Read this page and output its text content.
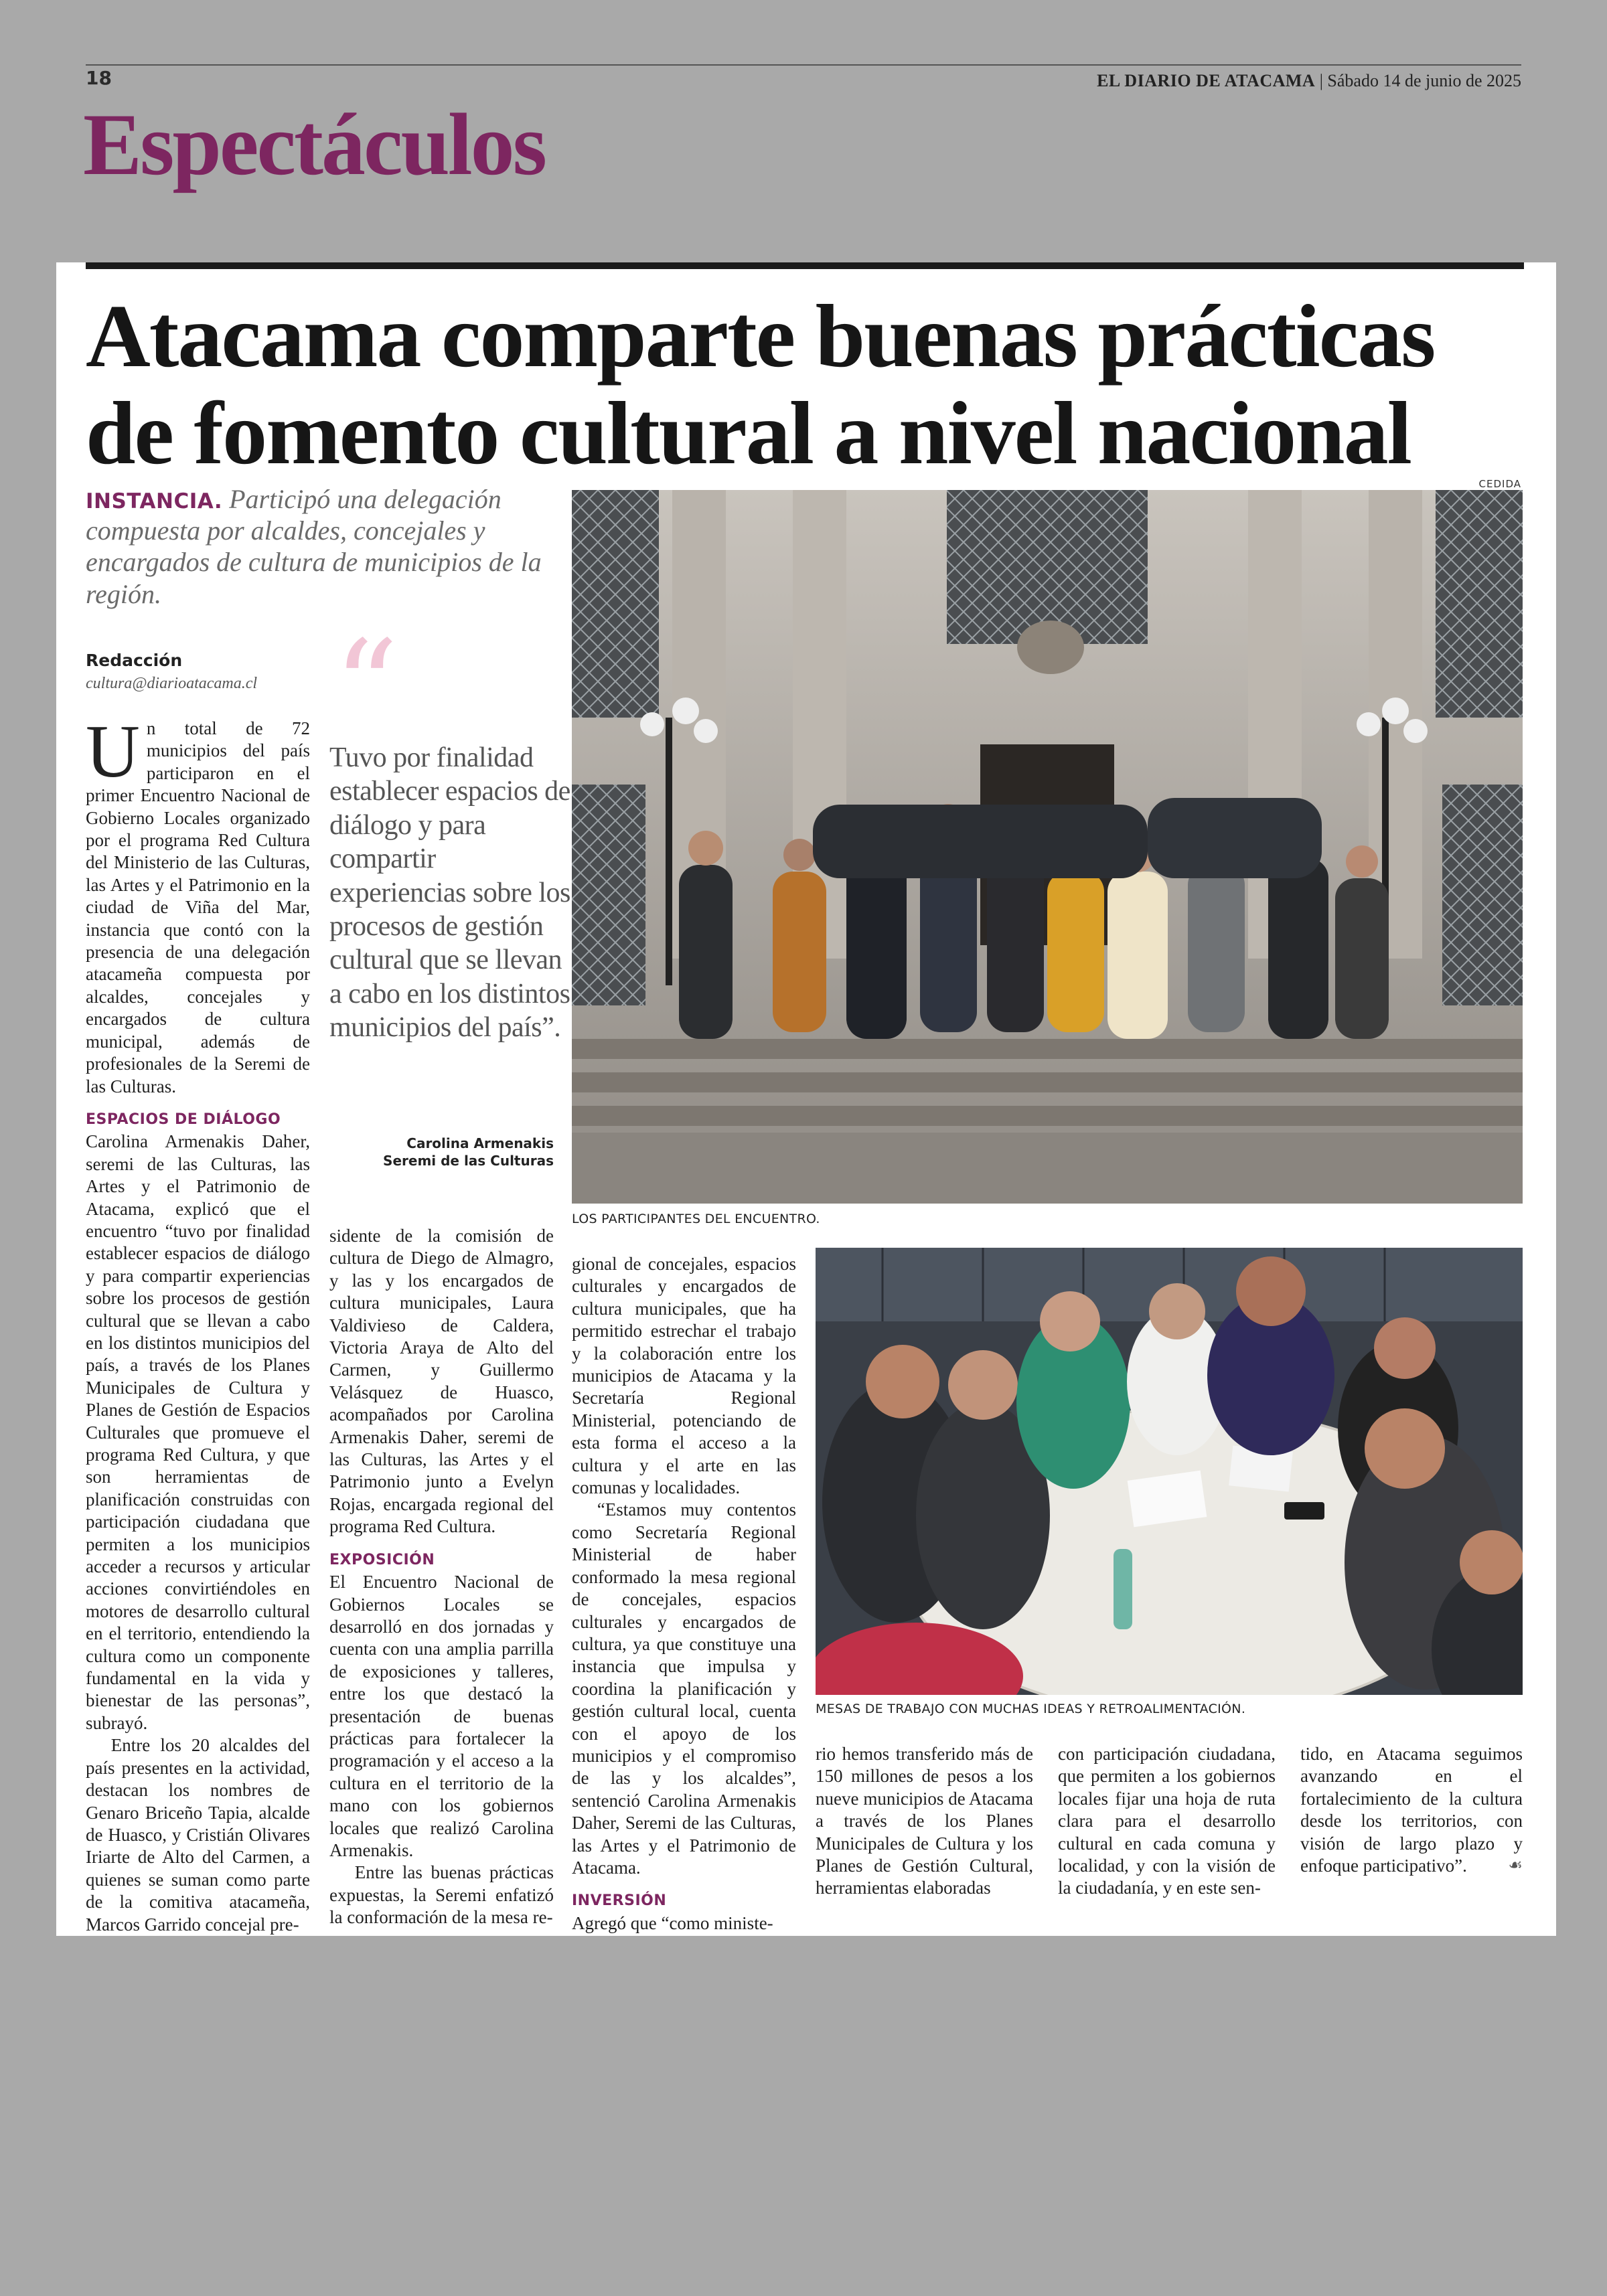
18	EL DIARIO DE ATACAMA | Sábado 14 de junio de 2025
Espectáculos
Atacama comparte buenas prácticas
de fomento cultural a nivel nacional
INSTANCIA. Participó una delegación compuesta por alcaldes, concejales y encargados de cultura de municipios de la región.
Redacción
cultura@diarioatacama.cl “
Tuvo por finalidad establecer espacios de diálogo y para compartir experiencias sobre los procesos de gestión cultural que se llevan a cabo en los distintos municipios del país”.
Carolina Armenakis
Seremi de las Culturas

Un total de 72 municipios del país participaron en el primer Encuentro Nacional de Gobierno Locales organizado por el programa Red Cultura del Ministerio de las Culturas, las Artes y el Patrimonio en la ciudad de Viña del Mar, instancia que contó con la presencia de una delegación atacameña compuesta por alcaldes, concejales y encargados de cultura municipal, además de profesionales de la Seremi de las Culturas.

ESPACIOS DE DIÁLOGO

Carolina Armenakis Daher, seremi de las Culturas, las Artes y el Patrimonio de Atacama, explicó que el encuentro “tuvo por finalidad establecer espacios de diálogo y para compartir experiencias sobre los procesos de gestión cultural que se llevan a cabo en los distintos municipios del país, a través de los Planes Municipales de Cultura y Planes de Gestión de Espacios Culturales que promueve el programa Red Cultura, y que son herramientas de planificación construidas con participación ciudadana que permiten a los municipios acceder a recursos y articular acciones convirtiéndoles en motores de desarrollo cultural en el territorio, entendiendo la cultura como un componente fundamental en la vida y bienestar de las personas”, subrayó.

Entre los 20 alcaldes del país presentes en la actividad, destacan los nombres de Genaro Briceño Tapia, alcalde de Huasco, y Cristián Olivares Iriarte de Alto del Carmen, a quienes se suman como parte de la comitiva atacameña, Marcos Garrido concejal pre-

CEDIDA
LOS PARTICIPANTES DEL ENCUENTRO.

sidente de la comisión de cultura de Diego de Almagro, y las y los encargados de cultura municipales, Laura Valdivieso de Caldera, Victoria Araya de Alto del Carmen, y Guillermo Velásquez de Huasco, acompañados por Carolina Armenakis Daher, seremi de las Culturas, las Artes y el Patrimonio junto a Evelyn Rojas, encargada regional del programa Red Cultura.

EXPOSICIÓN

El Encuentro Nacional de Gobiernos Locales se desarrolló en dos jornadas y cuenta con una amplia parrilla de exposiciones y talleres, entre los que destacó la presentación de buenas prácticas para fortalecer la programación y el acceso a la cultura en el territorio de la mano con los gobiernos locales que realizó Carolina Armenakis.

Entre las buenas prácticas expuestas, la Seremi enfatizó la conformación de la mesa re-

gional de concejales, espacios culturales y encargados de cultura municipales, que ha permitido estrechar el trabajo y la colaboración entre los municipios de Atacama y la Secretaría Regional Ministerial, potenciando de esta forma el acceso a la cultura y el arte en las comunas y localidades.

“Estamos muy contentos como Secretaría Regional Ministerial de haber conformado la mesa regional de concejales, espacios culturales y encargados de cultura, ya que constituye una instancia que impulsa y coordina la planificación y gestión cultural local, cuenta con el apoyo de los municipios y el compromiso de las y los alcaldes”, sentenció Carolina Armenakis Daher, Seremi de las Culturas, las Artes y el Patrimonio de Atacama.

INVERSIÓN

Agregó que “como ministe-

MESAS DE TRABAJO CON MUCHAS IDEAS Y RETROALIMENTACIÓN.

rio hemos transferido más de 150 millones de pesos a los nueve municipios de Atacama a través de los Planes Municipales de Cultura y los Planes de Gestión Cultural, herramientas elaboradas

con participación ciudadana, que permiten a los gobiernos locales fijar una hoja de ruta clara para el desarrollo cultural en cada comuna y localidad, y con la visión de la ciudadanía, y en este sen-

tido, en Atacama seguimos avanzando en el fortalecimiento de la cultura desde los territorios, con visión de largo plazo y enfoque participativo”.	☙
